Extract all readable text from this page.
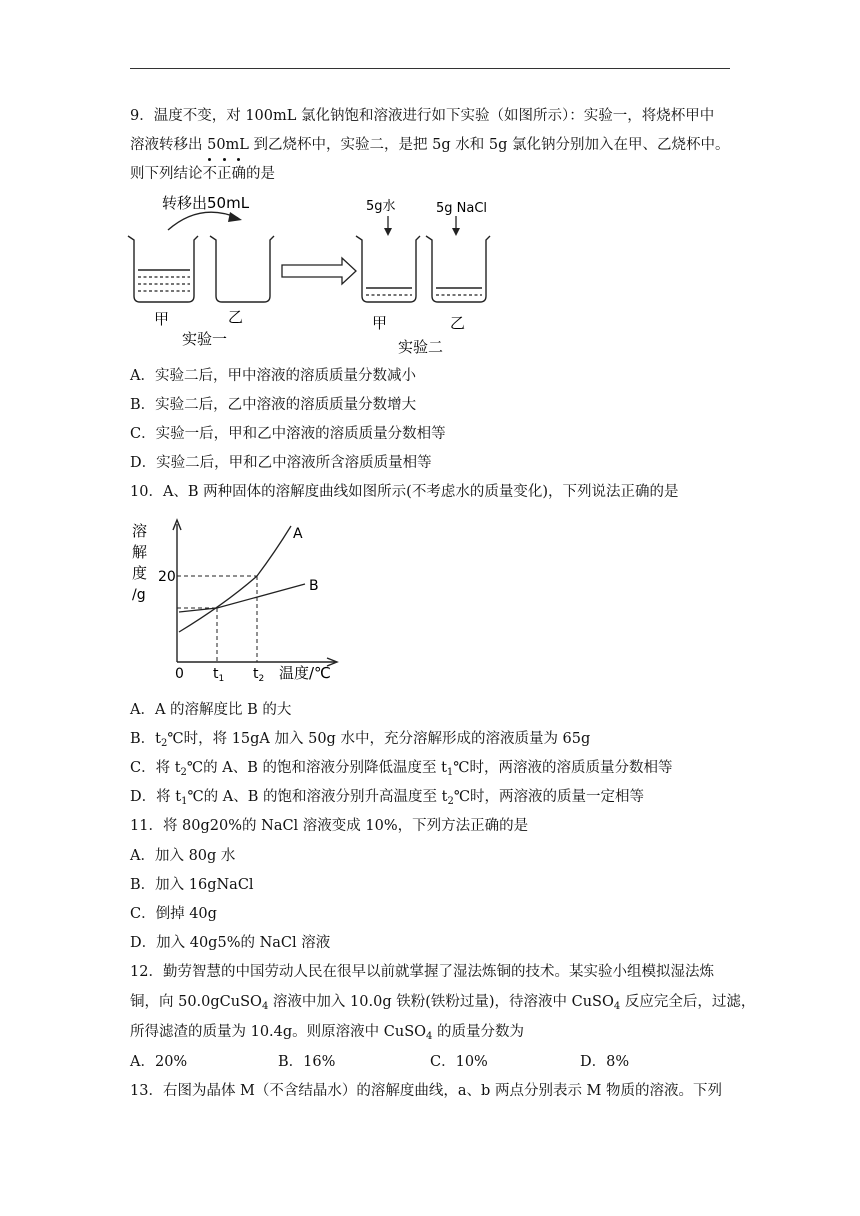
9．温度不变，对 100mL 氯化钠饱和溶液进行如下实验（如图所示）：实验一，将烧杯甲中
溶液转移出 50mL 到乙烧杯中，实验二，是把 5g 水和 5g 氯化钠分别加入在甲、乙烧杯中。
则下列结论不正确的是
转移出50mL
甲	乙
实验一
5g水	5g NaCl
甲	乙
实验二
A．实验二后，甲中溶液的溶质质量分数减小
B．实验二后，乙中溶液的溶质质量分数增大
C．实验一后，甲和乙中溶液的溶质质量分数相等
D．实验二后，甲和乙中溶液所含溶质质量相等
10．A、B 两种固体的溶解度曲线如图所示(不考虑水的质量变化)，下列说法正确的是
溶
解
度
/g
A
B
20
0 $t_1$ $t_2$ 温度/℃
A．A 的溶解度比 B 的大
B．$t_2℃$时，将 15gA 加入 50g 水中，充分溶解形成的溶液质量为 65g
C．将 $t_2℃$的 A、B 的饱和溶液分别降低温度至 $t_1℃$时，两溶液的溶质质量分数相等
D．将 $t_1℃$的 A、B 的饱和溶液分别升高温度至 $t_2℃$时，两溶液的质量一定相等
11．将 80g20%的 NaCl 溶液变成 10%，下列方法正确的是
A．加入 80g 水
B．加入 16gNaCl
C．倒掉 40g
D．加入 40g5%的 NaCl 溶液
12．勤劳智慧的中国劳动人民在很早以前就掌握了湿法炼铜的技术。某实验小组模拟湿法炼
铜，向 50.0gCuSO$_4$ 溶液中加入 10.0g 铁粉(铁粉过量)，待溶液中 CuSO$_4$ 反应完全后，过滤，
所得滤渣的质量为 10.4g。则原溶液中 CuSO$_4$ 的质量分数为
A．20%	B．16%	C．10%	D．8%
13．右图为晶体 M（不含结晶水）的溶解度曲线，a、b 两点分别表示 M 物质的溶液。下列
